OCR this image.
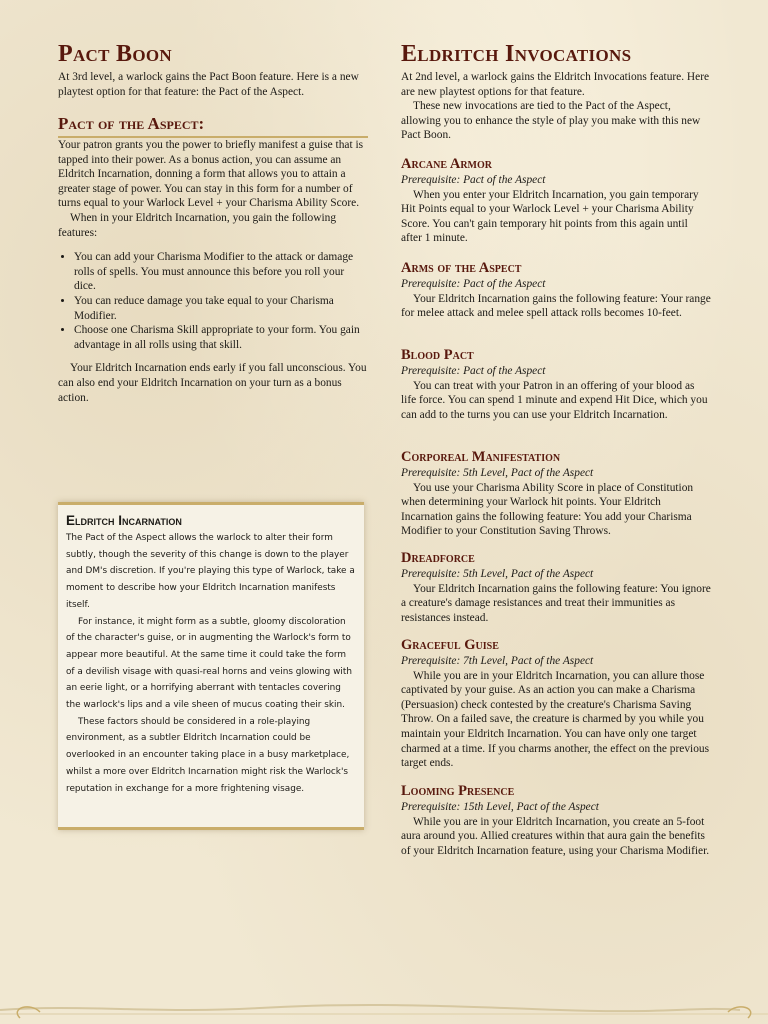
Pact Boon

At 3rd level, a warlock gains the Pact Boon feature. Here is a new playtest option for that feature: the Pact of the Aspect.

Pact of the Aspect:

Your patron grants you the power to briefly manifest a guise that is tapped into their power. As a bonus action, you can assume an Eldritch Incarnation, donning a form that allows you to attain a greater stage of power. You can stay in this form for a number of turns equal to your Warlock Level + your Charisma Ability Score.

When in your Eldritch Incarnation, you gain the following features:

• You can add your Charisma Modifier to the attack or damage rolls of spells. You must announce this before you roll your dice.
• You can reduce damage you take equal to your Charisma Modifier.
• Choose one Charisma Skill appropriate to your form. You gain advantage in all rolls using that skill.

Your Eldritch Incarnation ends early if you fall unconscious. You can also end your Eldritch Incarnation on your turn as a bonus action.

Eldritch Incarnation

The Pact of the Aspect allows the warlock to alter their form subtly, though the severity of this change is down to the player and DM's discretion. If you're playing this type of Warlock, take a moment to describe how your Eldritch Incarnation manifests itself.

For instance, it might form as a subtle, gloomy discoloration of the character's guise, or in augmenting the Warlock's form to appear more beautiful. At the same time it could take the form of a devilish visage with quasi-real horns and veins glowing with an eerie light, or a horrifying aberrant with tentacles covering the warlock's lips and a vile sheen of mucus coating their skin.

These factors should be considered in a role-playing environment, as a subtler Eldritch Incarnation could be overlooked in an encounter taking place in a busy marketplace, whilst a more over Eldritch Incarnation might risk the Warlock's reputation in exchange for a more frightening visage.

Eldritch Invocations

At 2nd level, a warlock gains the Eldritch Invocations feature. Here are new playtest options for that feature.

These new invocations are tied to the Pact of the Aspect, allowing you to enhance the style of play you make with this new Pact Boon.

Arcane Armor

Prerequisite: Pact of the Aspect

When you enter your Eldritch Incarnation, you gain temporary Hit Points equal to your Warlock Level + your Charisma Ability Score. You can't gain temporary hit points from this again until after 1 minute.

Arms of the Aspect

Prerequisite: Pact of the Aspect

Your Eldritch Incarnation gains the following feature: Your range for melee attack and melee spell attack rolls becomes 10-feet.

Blood Pact

Prerequisite: Pact of the Aspect

You can treat with your Patron in an offering of your blood as life force. You can spend 1 minute and expend Hit Dice, which you can add to the turns you can use your Eldritch Incarnation.

Corporeal Manifestation

Prerequisite: 5th Level, Pact of the Aspect

You use your Charisma Ability Score in place of Constitution when determining your Warlock hit points. Your Eldritch Incarnation gains the following feature: You add your Charisma Modifier to your Constitution Saving Throws.

Dreadforce

Prerequisite: 5th Level, Pact of the Aspect

Your Eldritch Incarnation gains the following feature: You ignore a creature's damage resistances and treat their immunities as resistances instead.

Graceful Guise

Prerequisite: 7th Level, Pact of the Aspect

While you are in your Eldritch Incarnation, you can allure those captivated by your guise. As an action you can make a Charisma (Persuasion) check contested by the creature's Charisma Saving Throw. On a failed save, the creature is charmed by you while you maintain your Eldritch Incarnation. You can have only one target charmed at a time. If you charms another, the effect on the previous target ends.

Looming Presence

Prerequisite: 15th Level, Pact of the Aspect

While you are in your Eldritch Incarnation, you create an 5-foot aura around you. Allied creatures within that aura gain the benefits of your Eldritch Incarnation feature, using your Charisma Modifier.
